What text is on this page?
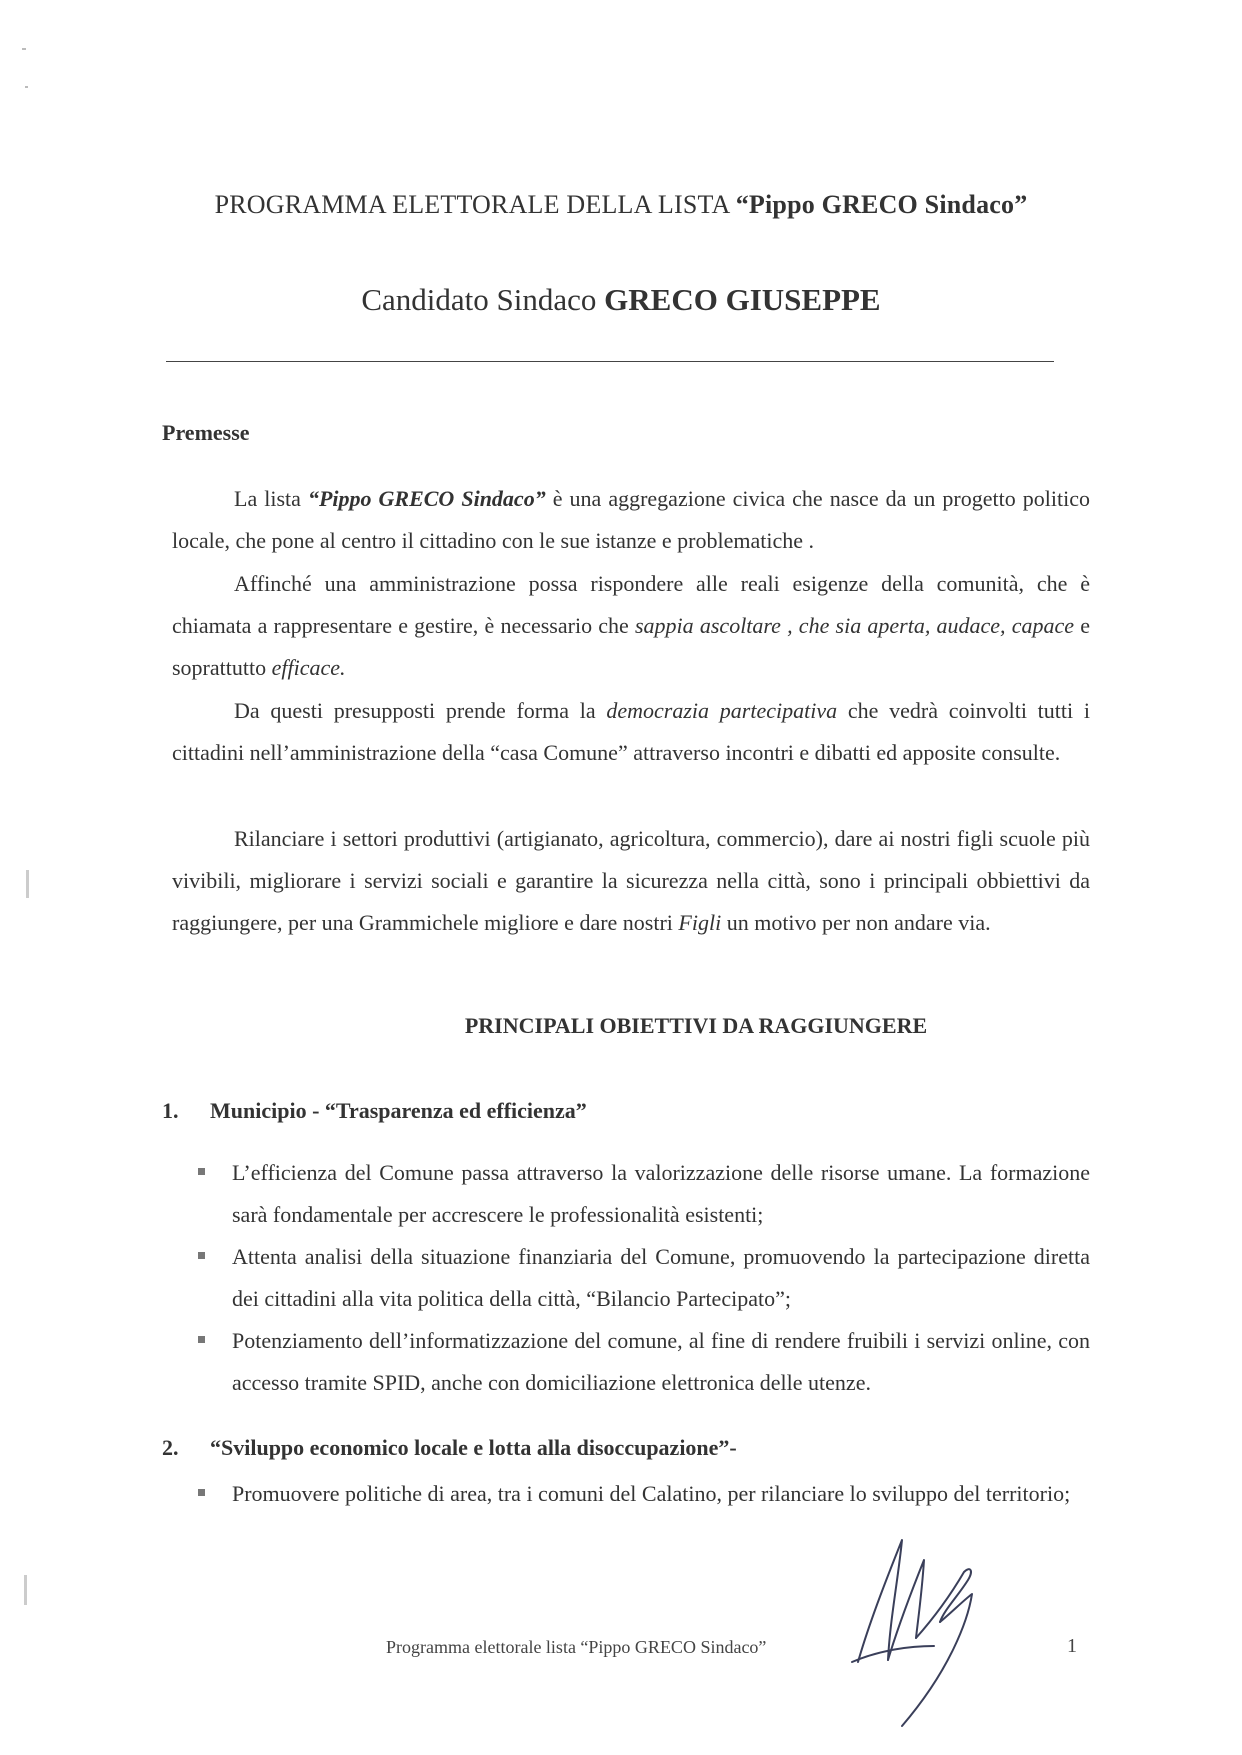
PROGRAMMA ELETTORALE DELLA LISTA “Pippo GRECO Sindaco”
Candidato Sindaco GRECO GIUSEPPE
Premesse

La lista “Pippo GRECO Sindaco” è una aggregazione civica che nasce da un progetto politico locale, che pone al centro il cittadino con le sue istanze e problematiche .

Affinché una amministrazione possa rispondere alle reali esigenze della comunità, che è chiamata a rappresentare e gestire, è necessario che sappia ascoltare , che sia aperta, audace, capace e soprattutto efficace.

Da questi presupposti prende forma la democrazia partecipativa che vedrà coinvolti tutti i cittadini nell’amministrazione della “casa Comune” attraverso incontri e dibatti ed apposite consulte.

Rilanciare i settori produttivi (artigianato, agricoltura, commercio), dare ai nostri figli scuole più vivibili, migliorare i servizi sociali e garantire la sicurezza nella città, sono i principali obbiettivi da raggiungere, per una Grammichele migliore e dare nostri Figli un motivo per non andare via.

PRINCIPALI OBIETTIVI DA RAGGIUNGERE
1. Municipio - “Trasparenza ed efficienza”
L’efficienza del Comune passa attraverso la valorizzazione delle risorse umane. La formazione sarà fondamentale per accrescere le professionalità esistenti;
Attenta analisi della situazione finanziaria del Comune, promuovendo la partecipazione diretta dei cittadini alla vita politica della città, “Bilancio Partecipato”;
Potenziamento dell’informatizzazione del comune, al fine di rendere fruibili i servizi online, con accesso tramite SPID, anche con domiciliazione elettronica delle utenze.
2. “Sviluppo economico locale e lotta alla disoccupazione”-
Promuovere politiche di area, tra i comuni del Calatino, per rilanciare lo sviluppo del territorio;
Programma elettorale lista “Pippo GRECO Sindaco”	1
